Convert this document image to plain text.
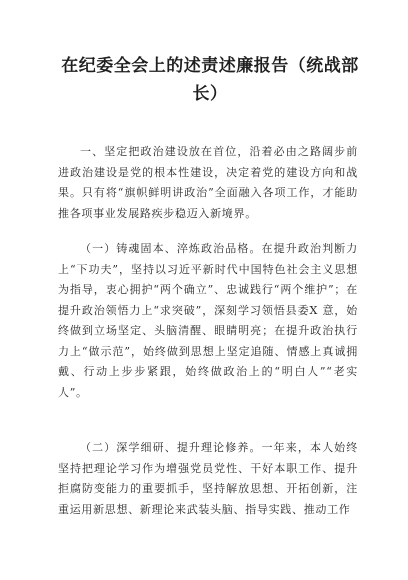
在纪委全会上的述责述廉报告（统战部长）

一、坚定把政治建设放在首位，沿着必由之路阔步前进政治建设是党的根本性建设，决定着党的建设方向和战果。只有将“旗帜鲜明讲政治”全面融入各项工作，才能助推各项事业发展路疾步稳迈入新境界。

（一）铸魂固本、淬炼政治品格。在提升政治判断力上“下功夫”，坚持以习近平新时代中国特色社会主义思想为指导，衷心拥护“两个确立”、忠诚践行“两个维护”；在提升政治领悟力上“求突破”，深刻学习领悟县委X 意，始终做到立场坚定、头脑清醒、眼睛明亮；在提升政治执行力上“做示范”，始终做到思想上坚定追随、情感上真诚拥戴、行动上步步紧跟，始终做政治上的“明白人”“老实人”。

（二）深学细研、提升理论修养。一年来，本人始终坚持把理论学习作为增强党员党性、干好本职工作、提升拒腐防变能力的重要抓手，坚持解放思想、开拓创新，注重运用新思想、新理论来武装头脑、指导实践、推动工作
